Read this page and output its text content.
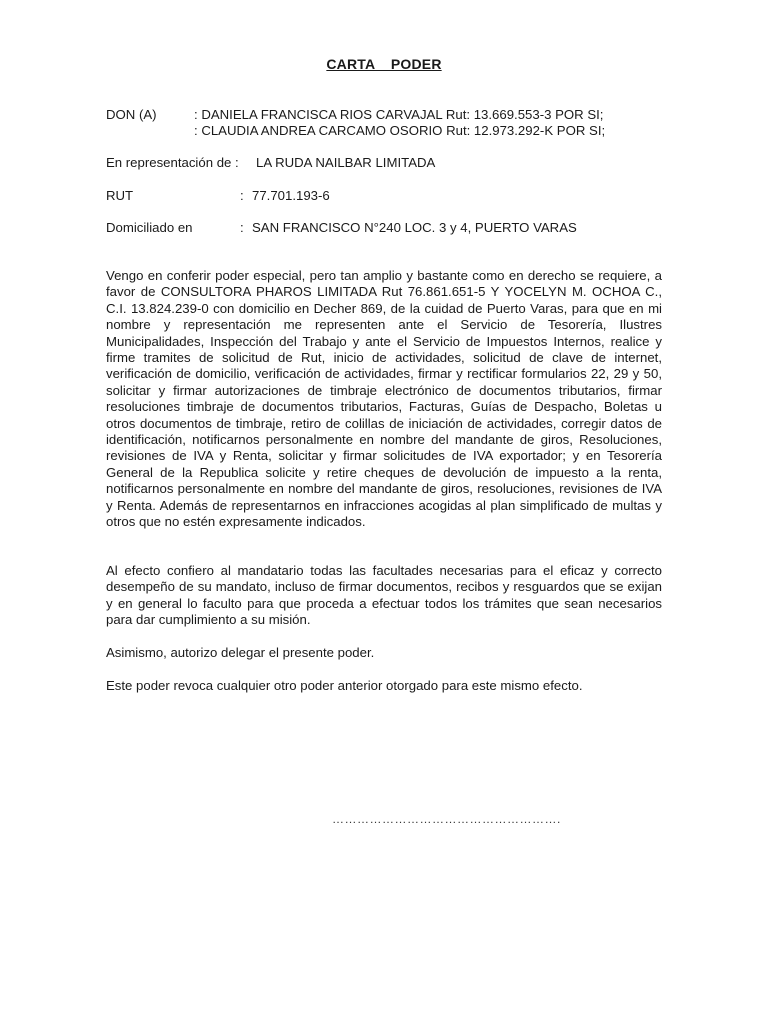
CARTA PODER
DON (A)	: DANIELA FRANCISCA RIOS CARVAJAL Rut: 13.669.553-3 POR SI;
: CLAUDIA ANDREA CARCAMO OSORIO Rut: 12.973.292-K POR SI;
En representación de : LA RUDA NAILBAR LIMITADA
RUT	: 77.701.193-6
Domiciliado en	: SAN FRANCISCO N°240 LOC. 3 y 4, PUERTO VARAS

Vengo en conferir poder especial, pero tan amplio y bastante como en derecho se requiere, a favor de CONSULTORA PHAROS LIMITADA Rut 76.861.651-5 Y YOCELYN M. OCHOA C., C.I. 13.824.239-0 con domicilio en Decher 869, de la cuidad de Puerto Varas, para que en mi nombre y representación me representen ante el Servicio de Tesorería, Ilustres Municipalidades, Inspección del Trabajo y ante el Servicio de Impuestos Internos, realice y firme tramites de solicitud de Rut, inicio de actividades, solicitud de clave de internet, verificación de domicilio, verificación de actividades, firmar y rectificar formularios 22, 29 y 50, solicitar y firmar autorizaciones de timbraje electrónico de documentos tributarios, firmar resoluciones timbraje de documentos tributarios, Facturas, Guías de Despacho, Boletas u otros documentos de timbraje, retiro de colillas de iniciación de actividades, corregir datos de identificación, notificarnos personalmente en nombre del mandante de giros, Resoluciones, revisiones de IVA y Renta, solicitar y firmar solicitudes de IVA exportador; y en Tesorería General de la Republica solicite y retire cheques de devolución de impuesto a la renta, notificarnos personalmente en nombre del mandante de giros, resoluciones, revisiones de IVA y Renta. Además de representarnos en infracciones acogidas al plan simplificado de multas y otros que no estén expresamente indicados.

Al efecto confiero al mandatario todas las facultades necesarias para el eficaz y correcto desempeño de su mandato, incluso de firmar documentos, recibos y resguardos que se exijan y en general lo faculto para que proceda a efectuar todos los trámites que sean necesarios para dar cumplimiento a su misión.

Asimismo, autorizo delegar el presente poder.

Este poder revoca cualquier otro poder anterior otorgado para este mismo efecto.

……………………………………………….
